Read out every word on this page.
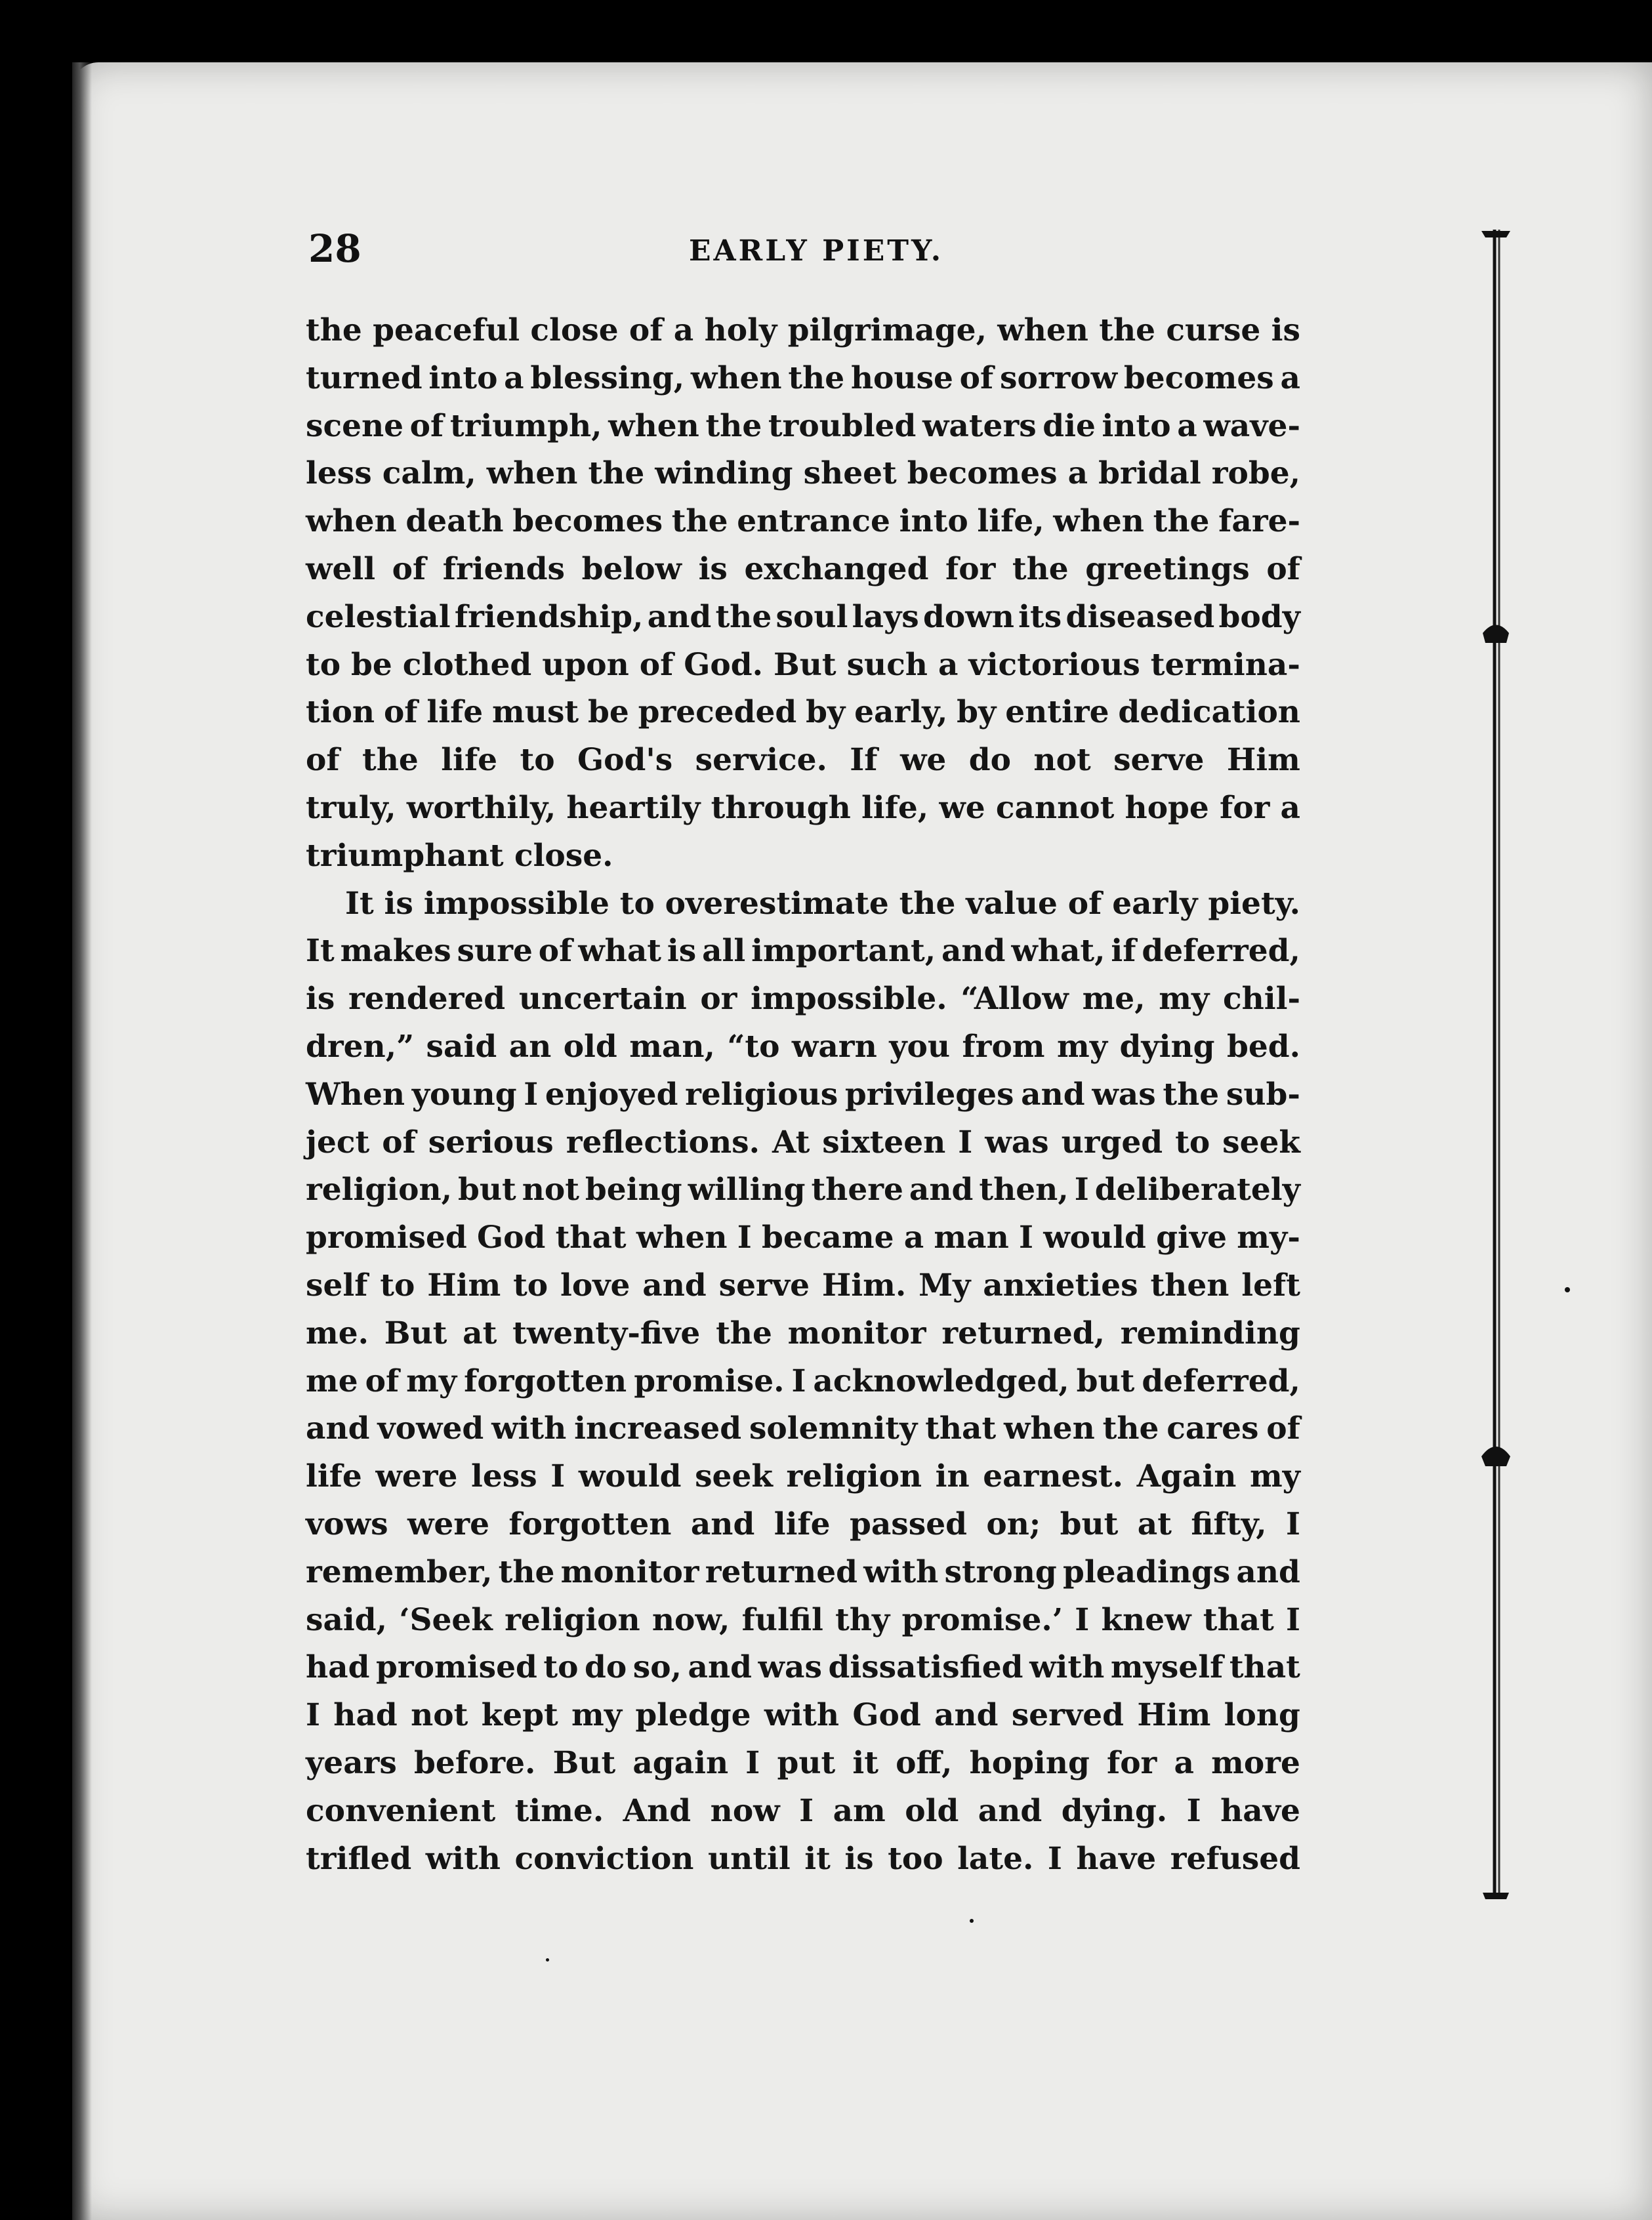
28	EARLY PIETY.
the peaceful close of a holy pilgrimage, when the curse is
turned into a blessing, when the house of sorrow becomes a
scene of triumph, when the troubled waters die into a wave-
less calm, when the winding sheet becomes a bridal robe,
when death becomes the entrance into life, when the fare-
well of friends below is exchanged for the greetings of
celestial friendship, and the soul lays down its diseased body
to be clothed upon of God. But such a victorious termina-
tion of life must be preceded by early, by entire dedication
of the life to God's service. If we do not serve Him
truly, worthily, heartily through life, we cannot hope for a
triumphant close.
It is impossible to overestimate the value of early piety.
It makes sure of what is all important, and what, if deferred,
is rendered uncertain or impossible. “Allow me, my chil-
dren,” said an old man, “to warn you from my dying bed.
When young I enjoyed religious privileges and was the sub-
ject of serious reflections. At sixteen I was urged to seek
religion, but not being willing there and then, I deliberately
promised God that when I became a man I would give my-
self to Him to love and serve Him. My anxieties then left
me. But at twenty-five the monitor returned, reminding
me of my forgotten promise. I acknowledged, but deferred,
and vowed with increased solemnity that when the cares of
life were less I would seek religion in earnest. Again my
vows were forgotten and life passed on; but at fifty, I
remember, the monitor returned with strong pleadings and
said, ‘Seek religion now, fulfil thy promise.’ I knew that I
had promised to do so, and was dissatisfied with myself that
I had not kept my pledge with God and served Him long
years before. But again I put it off, hoping for a more
convenient time. And now I am old and dying. I have
trifled with conviction until it is too late. I have refused
